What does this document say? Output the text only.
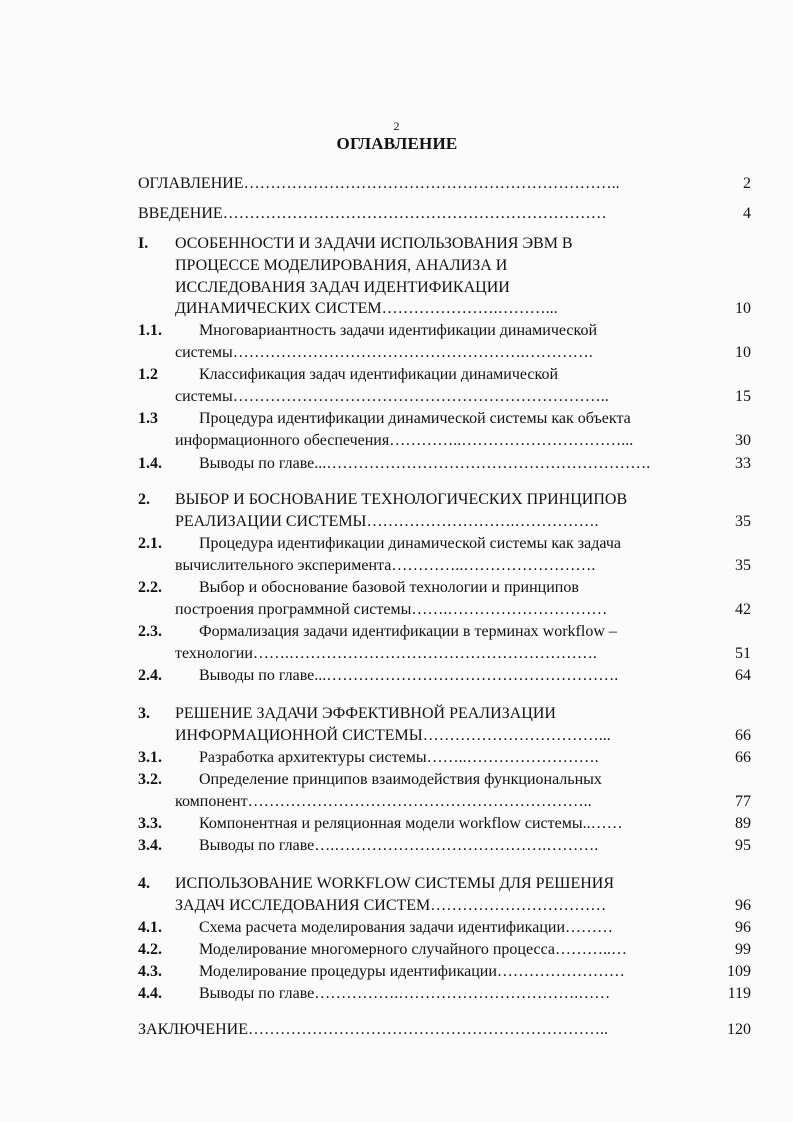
2
ОГЛАВЛЕНИЕ
ОГЛАВЛЕНИЕ……………………………………………………………..	2
ВВЕДЕНИЕ………………………………………………………………	4
I. ОСОБЕННОСТИ И ЗАДАЧИ ИСПОЛЬЗОВАНИЯ ЭВМ В
ПРОЦЕССЕ МОДЕЛИРОВАНИЯ, АНАЛИЗА И
ИССЛЕДОВАНИЯ ЗАДАЧ ИДЕНТИФИКАЦИИ
ДИНАМИЧЕСКИХ СИСТЕМ………………….………...	10
1.1. Многовариантность задачи идентификации динамической
системы……………………………………………….………….	10
1.2	Классификация задач идентификации динамической
системы……………………………………………………………..	15
1.3	Процедура идентификации динамической системы как объекта
информационного обеспечения…………..…………………………...	30
1.4. Выводы по главе...…………………………………………………….	33
2. ВЫБОР И БОСНОВАНИЕ ТЕХНОЛОГИЧЕСКИХ ПРИНЦИПОВ
РЕАЛИЗАЦИИ СИСТЕМЫ……………………….…………….	35
2.1. Процедура идентификации динамической системы как задача
вычислительного эксперимента…………..…………………….	35
2.2. Выбор и обоснование базовой технологии и принципов
построения программной системы…….…………………………	42
2.3. Формализация задачи идентификации в терминах workflow –
технологии…….………………………………………………….	51
2.4. Выводы по главе...……………………………………………….	64
3. РЕШЕНИЕ ЗАДАЧИ ЭФФЕКТИВНОЙ РЕАЛИЗАЦИИ
ИНФОРМАЦИОННОЙ СИСТЕМЫ……………………………...	66
3.1. Разработка архитектуры системы……..…………………….	66
3.2. Определение принципов взаимодействия функциональных
компонент………………………………………………………..	77
3.3. Компонентная и реляционная модели workflow системы..……	89
3.4. Выводы по главе….………………………………….……….	95
4. ИСПОЛЬЗОВАНИЕ WORKFLOW СИСТЕМЫ ДЛЯ РЕШЕНИЯ
ЗАДАЧ ИССЛЕДОВАНИЯ СИСТЕМ……………………………	96
4.1. Схема расчета моделирования задачи идентификации………	96
4.2. Моделирование многомерного случайного процесса………..…	99
4.3. Моделирование процедуры идентификации……………………	109
4.4. Выводы по главе…………….…………………………….……	119
ЗАКЛЮЧЕНИЕ…………………………………………………………..	120
